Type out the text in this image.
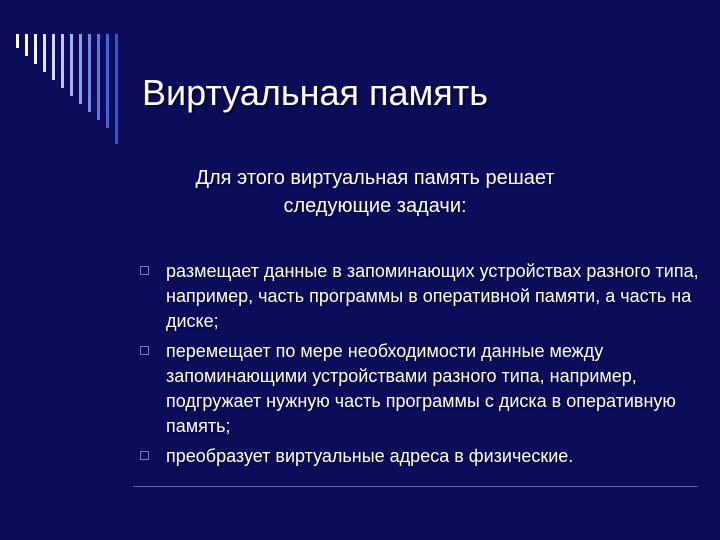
Виртуальная память
Для этого виртуальная память решает следующие задачи:
размещает данные в запоминающих устройствах разного типа, например, часть программы в оперативной памяти, а часть на диске;
перемещает по мере необходимости данные между запоминающими устройствами разного типа, например, подгружает нужную часть программы с диска в оперативную память;
преобразует виртуальные адреса в физические.
